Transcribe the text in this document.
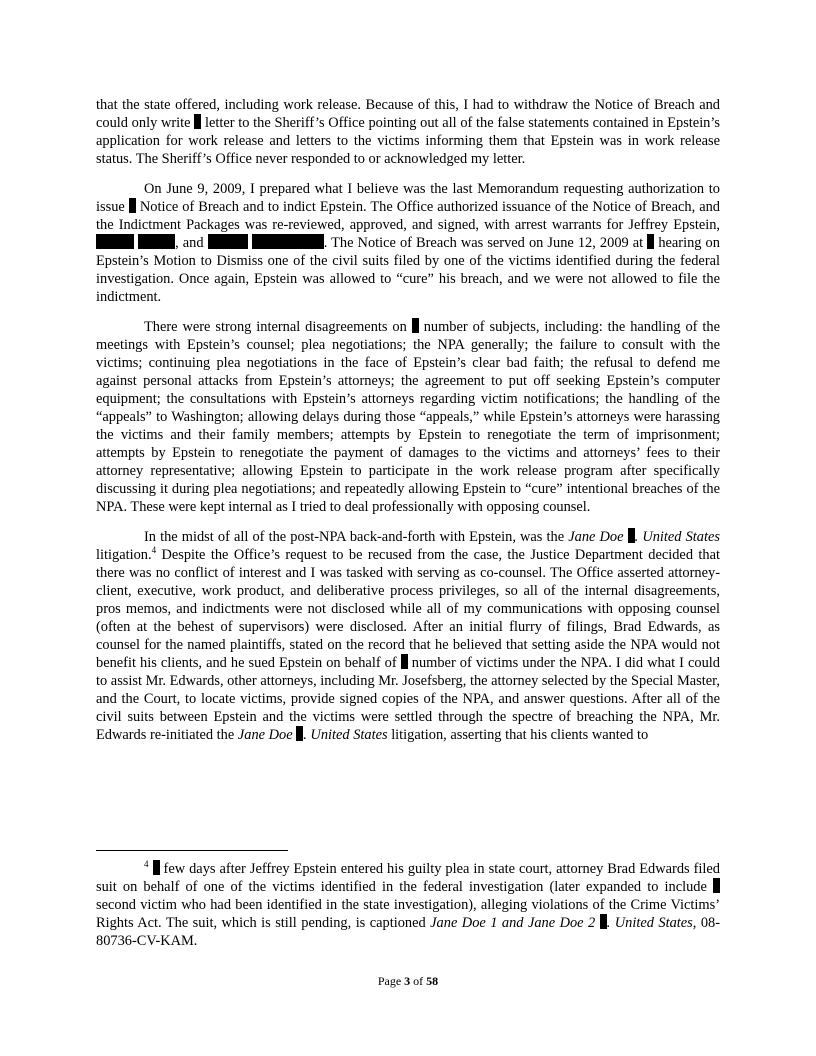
that the state offered, including work release. Because of this, I had to withdraw the Notice of Breach and could only write letter to the Sheriff’s Office pointing out all of the false statements contained in Epstein’s application for work release and letters to the victims informing them that Epstein was in work release status. The Sheriff’s Office never responded to or acknowledged my letter.

On June 9, 2009, I prepared what I believe was the last Memorandum requesting authorization to issue Notice of Breach and to indict Epstein. The Office authorized issuance of the Notice of Breach, and the Indictment Packages was re-reviewed, approved, and signed, with arrest warrants for Jeffrey Epstein,  , and	. The Notice of Breach was served on June 12, 2009 at hearing on Epstein’s Motion to Dismiss one of the civil suits filed by one of the victims identified during the federal investigation. Once again, Epstein was allowed to “cure” his breach, and we were not allowed to file the indictment.

There were strong internal disagreements on number of subjects, including: the handling of the meetings with Epstein’s counsel; plea negotiations; the NPA generally; the failure to consult with the victims; continuing plea negotiations in the face of Epstein’s clear bad faith; the refusal to defend me against personal attacks from Epstein’s attorneys; the agreement to put off seeking Epstein’s computer equipment; the consultations with Epstein’s attorneys regarding victim notifications; the handling of the “appeals” to Washington; allowing delays during those “appeals,” while Epstein’s attorneys were harassing the victims and their family members; attempts by Epstein to renegotiate the term of imprisonment; attempts by Epstein to renegotiate the payment of damages to the victims and attorneys’ fees to their attorney representative; allowing Epstein to participate in the work release program after specifically discussing it during plea negotiations; and repeatedly allowing Epstein to “cure” intentional breaches of the NPA. These were kept internal as I tried to deal professionally with opposing counsel.

In the midst of all of the post-NPA back-and-forth with Epstein, was the Jane Doe . United States litigation.$^4$ Despite the Office’s request to be recused from the case, the Justice Department decided that there was no conflict of interest and I was tasked with serving as co-counsel. The Office asserted attorney-client, executive, work product, and deliberative process privileges, so all of the internal disagreements, pros memos, and indictments were not disclosed while all of my communications with opposing counsel (often at the behest of supervisors) were disclosed. After an initial flurry of filings, Brad Edwards, as counsel for the named plaintiffs, stated on the record that he believed that setting aside the NPA would not benefit his clients, and he sued Epstein on behalf of number of victims under the NPA. I did what I could to assist Mr. Edwards, other attorneys, including Mr. Josefsberg, the attorney selected by the Special Master, and the Court, to locate victims, provide signed copies of the NPA, and answer questions. After all of the civil suits between Epstein and the victims were settled through the spectre of breaching the NPA, Mr. Edwards re-initiated the Jane Doe . United States litigation, asserting that his clients wanted to

$^4$ few days after Jeffrey Epstein entered his guilty plea in state court, attorney Brad Edwards filed suit on behalf of one of the victims identified in the federal investigation (later expanded to include  second victim who had been identified in the state investigation), alleging violations of the Crime Victims’ Rights Act. The suit, which is still pending, is captioned Jane Doe 1 and Jane Doe 2 . United States, 08-80736-CV-KAM.

Page 3 of 58
